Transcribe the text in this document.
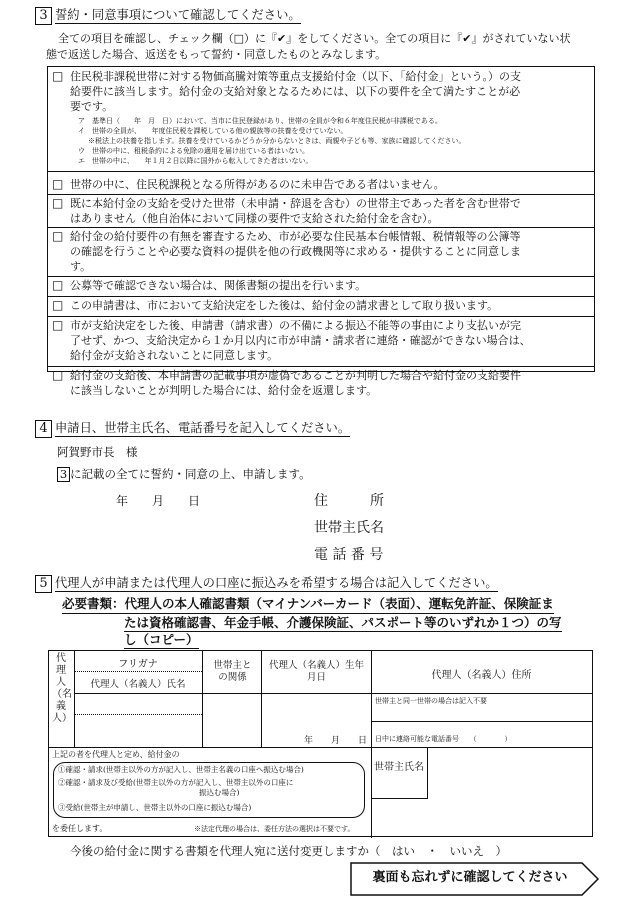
3 誓約・同意事項について確認してください。
全ての項目を確認し、チェック欄（□）に『✔』をしてください。全ての項目に『✔』がされていない状
態で返送した場合、返送をもって誓約・同意したものとみなします。
□ 住民税非課税世帯に対する物価高騰対策等重点支援給付金（以下、「給付金」という。）の支
給要件に該当します。給付金の支給対象となるためには、以下の要件を全て満たすことが必
要です。
ア　基準日（　　年　月　日）において、当市に住民登録があり、世帯の全員が令和６年度住民税が非課税である。
イ　世帯の全員が、　　年度住民税を課税している他の親族等の扶養を受けていない。
※税法上の扶養を指します。扶養を受けているかどうか分からないときは、両親や子ども等、家族に確認してください。
ウ　世帯の中に、租税条約による免除の適用を届け出ている者はいない。
エ　世帯の中に、　　年１月２日以降に国外から転入してきた者はいない。
□ 世帯の中に、住民税課税となる所得があるのに未申告である者はいません。
□ 既に本給付金の支給を受けた世帯（未申請・辞退を含む）の世帯主であった者を含む世帯で
はありません（他自治体において同様の要件で支給された給付金を含む）。
□ 給付金の給付要件の有無を審査するため、市が必要な住民基本台帳情報、税情報等の公簿等
の確認を行うことや必要な資料の提供を他の行政機関等に求める・提供することに同意しま
す。
□ 公募等で確認できない場合は、関係書類の提出を行います。
□ この申請書は、市において支給決定をした後は、給付金の請求書として取り扱います。
□ 市が支給決定をした後、申請書（請求書）の不備による振込不能等の事由により支払いが完
了せず、かつ、支給決定から１か月以内に市が申請・請求者に連絡・確認ができない場合は、
給付金が支給されないことに同意します。
□ 給付金の支給後、本申請書の記載事項が虚偽であることが判明した場合や給付金の支給要件
に該当しないことが判明した場合には、給付金を返還します。
4 申請日、世帯主氏名、電話番号を記入してください。
阿賀野市長　様
3 に記載の全てに誓約・同意の上、申請します。
年　　月　　日	住　　　所
世帯主氏名
電 話 番 号
5 代理人が申請または代理人の口座に振込みを希望する場合は記入してください。
必要書類：代理人の本人確認書類（マイナンバーカード（表面）、運転免許証、保険証ま
たは資格確認書、年金手帳、介護保険証、パスポート等のいずれか１つ）の写
し（コピー）
代理人（名義人）
フリガナ
代理人（名義人）氏名
世帯主との関係
代理人（名義人）生年月日
年　　月　　日
代理人（名義人）住所
世帯主と同一世帯の場合は記入不要
日中に連絡可能な電話番号　　（　　　　）
上記の者を代理人と定め、給付金の
①確認・請求(世帯主以外の方が記入し、世帯主名義の口座へ振込む場合)
②確認・請求及び受給(世帯主以外の方が記入し、世帯主以外の口座に
振込む場合)
③受給(世帯主が申請し、世帯主以外の口座に振込む場合)
を委任します。	※法定代理の場合は、委任方法の選択は不要です。
世帯主氏名
今後の給付金に関する書類を代理人宛に送付変更しますか（　はい　・　いいえ　）
裏面も忘れずに確認してください
